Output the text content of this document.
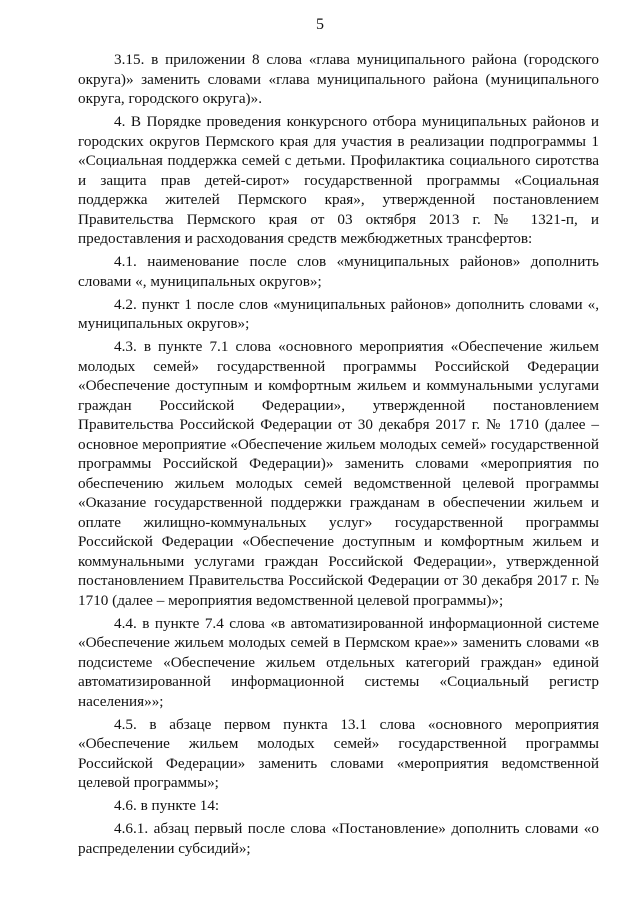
5

3.15. в приложении 8 слова «глава муниципального района (городского округа)» заменить словами «глава муниципального района (муниципального округа, городского округа)».

4. В Порядке проведения конкурсного отбора муниципальных районов и городских округов Пермского края для участия в реализации подпрограммы 1 «Социальная поддержка семей с детьми. Профилактика социального сиротства и защита прав детей-сирот» государственной программы «Социальная поддержка жителей Пермского края», утвержденной постановлением Правительства Пермского края от 03 октября 2013 г. № 1321-п, и предоставления и расходования средств межбюджетных трансфертов:

4.1. наименование после слов «муниципальных районов» дополнить словами «, муниципальных округов»;

4.2. пункт 1 после слов «муниципальных районов» дополнить словами «, муниципальных округов»;

4.3. в пункте 7.1 слова «основного мероприятия «Обеспечение жильем молодых семей» государственной программы Российской Федерации «Обеспечение доступным и комфортным жильем и коммунальными услугами граждан Российской Федерации», утвержденной постановлением Правительства Российской Федерации от 30 декабря 2017 г. № 1710 (далее – основное мероприятие «Обеспечение жильем молодых семей» государственной программы Российской Федерации)» заменить словами «мероприятия по обеспечению жильем молодых семей ведомственной целевой программы «Оказание государственной поддержки гражданам в обеспечении жильем и оплате жилищно-коммунальных услуг» государственной программы Российской Федерации «Обеспечение доступным и комфортным жильем и коммунальными услугами граждан Российской Федерации», утвержденной постановлением Правительства Российской Федерации от 30 декабря 2017 г. № 1710 (далее – мероприятия ведомственной целевой программы)»;

4.4. в пункте 7.4 слова «в автоматизированной информационной системе «Обеспечение жильем молодых семей в Пермском крае»» заменить словами «в подсистеме «Обеспечение жильем отдельных категорий граждан» единой автоматизированной информационной системы «Социальный регистр населения»»;

4.5. в абзаце первом пункта 13.1 слова «основного мероприятия «Обеспечение жильем молодых семей» государственной программы Российской Федерации» заменить словами «мероприятия ведомственной целевой программы»;

4.6. в пункте 14:

4.6.1. абзац первый после слова «Постановление» дополнить словами «о распределении субсидий»;
